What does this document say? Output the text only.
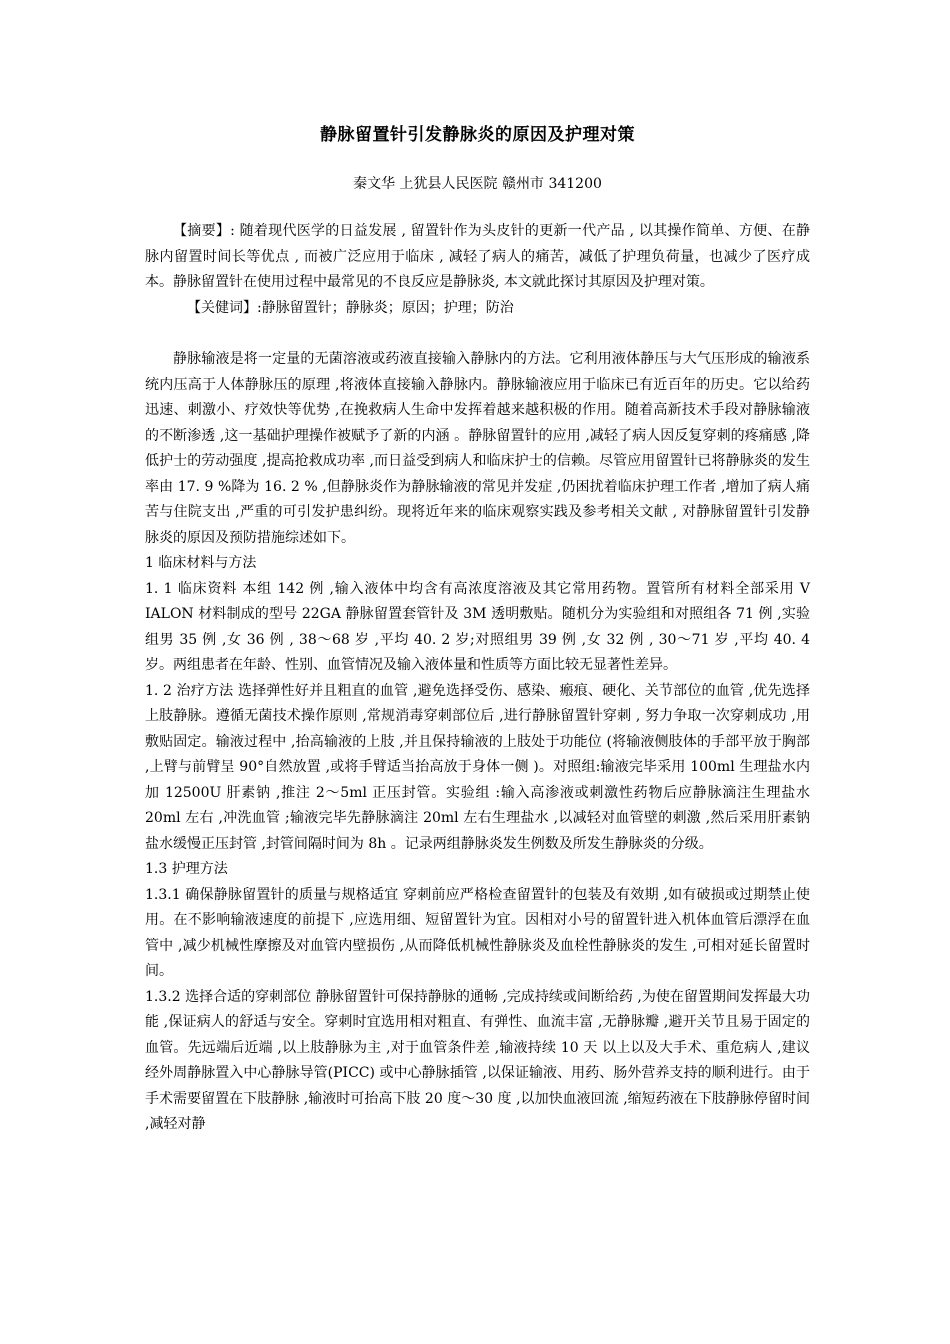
静脉留置针引发静脉炎的原因及护理对策
秦文华 上犹县人民医院 赣州市 341200

【摘要】: 随着现代医学的日益发展 , 留置针作为头皮针的更新一代产品 , 以其操作简单、方便、在静脉内留置时间长等优点 , 而被广泛应用于临床 , 减轻了病人的痛苦，减低了护理负荷量，也减少了医疗成本。静脉留置针在使用过程中最常见的不良反应是静脉炎, 本文就此探讨其原因及护理对策。

【关健词】:静脉留置针；静脉炎；原因；护理；防治

静脉输液是将一定量的无菌溶液或药液直接输入静脉内的方法。它利用液体静压与大气压形成的输液系统内压高于人体静脉压的原理 ,将液体直接输入静脉内。静脉输液应用于临床已有近百年的历史。它以给药迅速、刺激小、疗效快等优势 ,在挽救病人生命中发挥着越来越积极的作用。随着高新技术手段对静脉输液的不断渗透 ,这一基础护理操作被赋予了新的内涵 。静脉留置针的应用 ,减轻了病人因反复穿刺的疼痛感 ,降低护士的劳动强度 ,提高抢救成功率 ,而日益受到病人和临床护士的信赖。尽管应用留置针已将静脉炎的发生率由 17. 9 %降为 16. 2 % ,但静脉炎作为静脉输液的常见并发症 ,仍困扰着临床护理工作者 ,增加了病人痛苦与住院支出 ,严重的可引发护患纠纷。现将近年来的临床观察实践及参考相关文献 , 对静脉留置针引发静脉炎的原因及预防措施综述如下。

1 临床材料与方法

1. 1 临床资料 本组 142 例 ,输入液体中均含有高浓度溶液及其它常用药物。置管所有材料全部采用 V IALON 材料制成的型号 22GA 静脉留置套管针及 3M 透明敷贴。随机分为实验组和对照组各 71 例 ,实验组男 35 例 ,女 36 例 , 38～68 岁 ,平均 40. 2 岁;对照组男 39 例 ,女 32 例 , 30～71 岁 ,平均 40. 4 岁。两组患者在年龄、性别、血管情况及输入液体量和性质等方面比较无显著性差异。

1. 2 治疗方法 选择弹性好并且粗直的血管 ,避免选择受伤、感染、瘢痕、硬化、关节部位的血管 ,优先选择上肢静脉。遵循无菌技术操作原则 ,常规消毒穿刺部位后 ,进行静脉留置针穿刺 , 努力争取一次穿刺成功 ,用敷贴固定。输液过程中 ,抬高输液的上肢 ,并且保持输液的上肢处于功能位 (将输液侧肢体的手部平放于胸部 ,上臂与前臂呈 90°自然放置 ,或将手臂适当抬高放于身体一侧 )。对照组:输液完毕采用 100ml 生理盐水内加 12500U 肝素钠 ,推注 2～5ml 正压封管。实验组 :输入高渗液或刺激性药物后应静脉滴注生理盐水 20ml 左右 ,冲洗血管 ;输液完毕先静脉滴注 20ml 左右生理盐水 ,以减轻对血管壁的刺激 ,然后采用肝素钠盐水缓慢正压封管 ,封管间隔时间为 8h 。记录两组静脉炎发生例数及所发生静脉炎的分级。

1.3 护理方法

1.3.1 确保静脉留置针的质量与规格适宜 穿刺前应严格检查留置针的包装及有效期 ,如有破损或过期禁止使用。在不影响输液速度的前提下 ,应选用细、短留置针为宜。因相对小号的留置针进入机体血管后漂浮在血管中 ,减少机械性摩擦及对血管内壁损伤 ,从而降低机械性静脉炎及血栓性静脉炎的发生 ,可相对延长留置时间。

1.3.2 选择合适的穿刺部位 静脉留置针可保持静脉的通畅 ,完成持续或间断给药 ,为使在留置期间发挥最大功能 ,保证病人的舒适与安全。穿刺时宜选用相对粗直、有弹性、血流丰富 ,无静脉瓣 ,避开关节且易于固定的血管。先远端后近端 ,以上肢静脉为主 ,对于血管条件差 ,输液持续 10 天 以上以及大手术、重危病人 ,建议经外周静脉置入中心静脉导管(PICC) 或中心静脉插管 ,以保证输液、用药、肠外营养支持的顺利进行。由于手术需要留置在下肢静脉 ,输液时可抬高下肢 20 度～30 度 ,以加快血液回流 ,缩短药液在下肢静脉停留时间 ,减轻对静
